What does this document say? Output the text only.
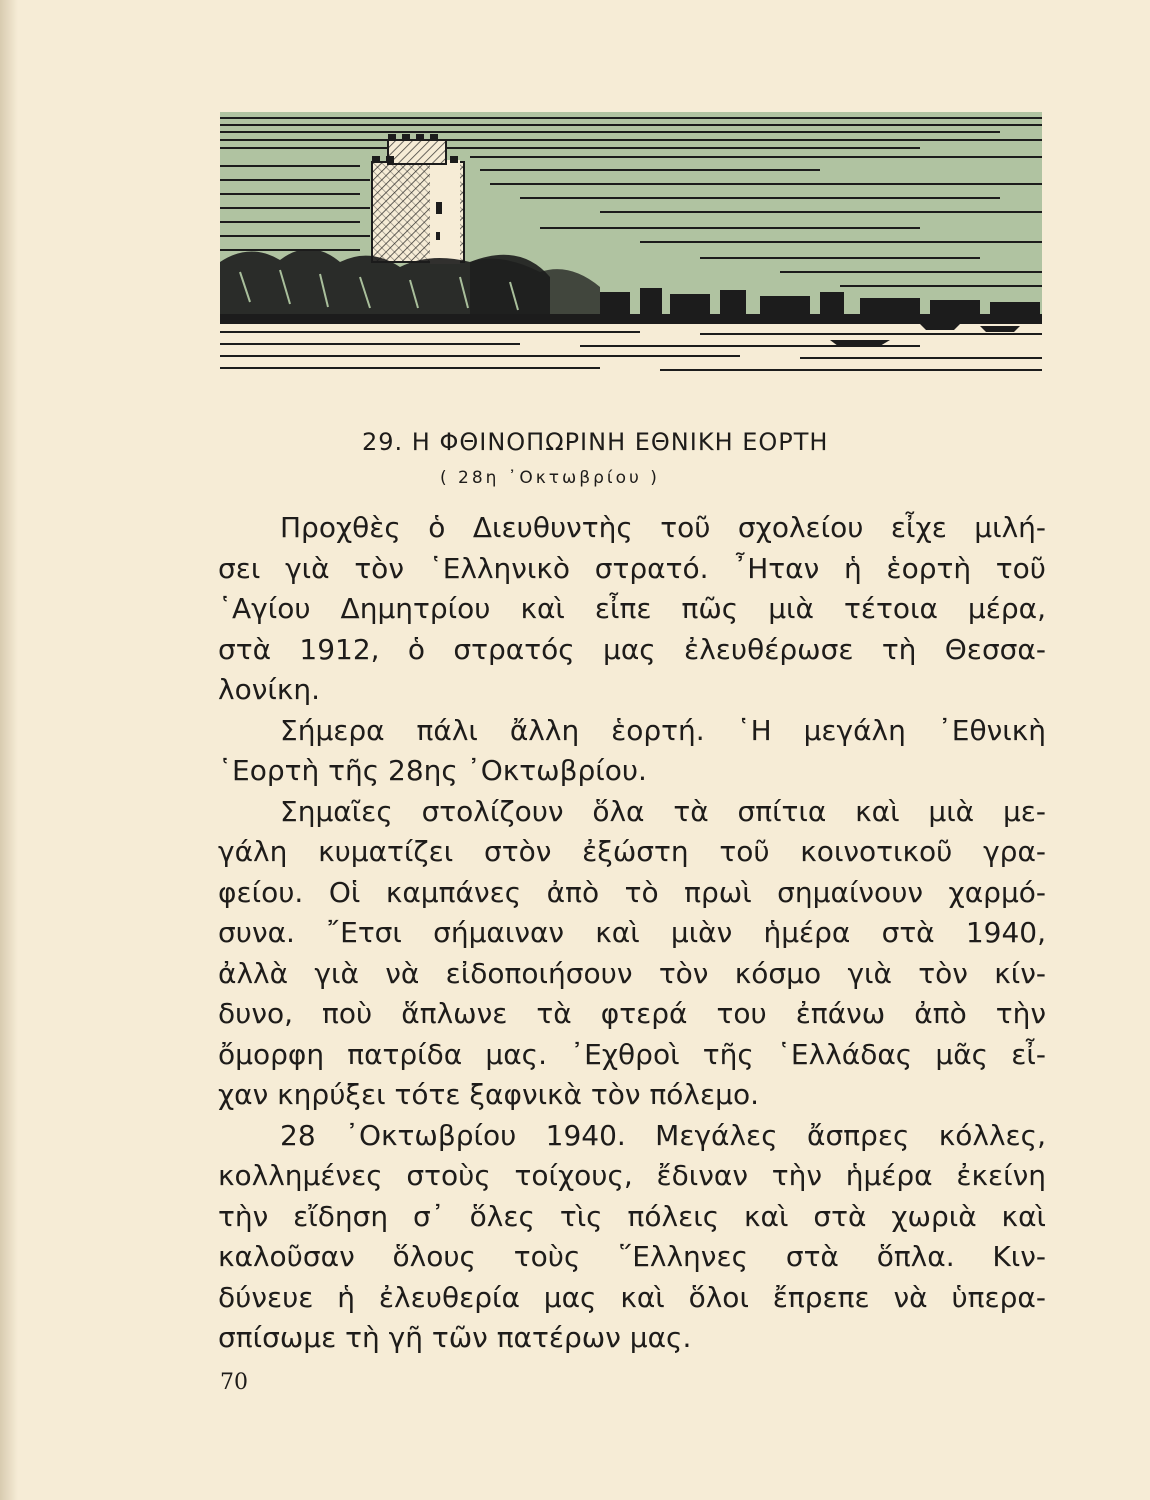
29. Η ΦΘΙΝΟΠΩΡΙΝΗ ΕΘΝΙΚΗ ΕΟΡΤΗ
( 28η ᾿Οκτωβρίου )
Προχθὲς ὁ Διευθυντὴς τοῦ σχολείου εἶχε μιλή-
σει γιὰ τὸν ῾Ελληνικὸ στρατό. ῏Ηταν ἡ ἑορτὴ τοῦ
῾Αγίου Δημητρίου καὶ εἶπε πῶς μιὰ τέτοια μέρα,
στὰ 1912, ὁ στρατός μας ἐλευθέρωσε τὴ Θεσσα-
λονίκη.
Σήμερα πάλι ἄλλη ἑορτή. ῾Η μεγάλη ᾿Εθνικὴ
῾Εορτὴ τῆς 28ης ᾿Οκτωβρίου.
Σημαῖες στολίζουν ὅλα τὰ σπίτια καὶ μιὰ με-
γάλη κυματίζει στὸν ἐξώστη τοῦ κοινοτικοῦ γρα-
φείου. Οἱ καμπάνες ἀπὸ τὸ πρωὶ σημαίνουν χαρμό-
συνα. ῎Ετσι σήμαιναν καὶ μιὰν ἡμέρα στὰ 1940,
ἀλλὰ γιὰ νὰ εἰδοποιήσουν τὸν κόσμο γιὰ τὸν κίν-
δυνο, ποὺ ἅπλωνε τὰ φτερά του ἐπάνω ἀπὸ τὴν
ὄμορφη πατρίδα μας. ᾿Εχθροὶ τῆς ῾Ελλάδας μᾶς εἶ-
χαν κηρύξει τότε ξαφνικὰ τὸν πόλεμο.
28 ᾿Οκτωβρίου 1940. Μεγάλες ἄσπρες κόλλες,
κολλημένες στοὺς τοίχους, ἔδιναν τὴν ἡμέρα ἐκείνη
τὴν εἴδηση σ᾿ ὅλες τὶς πόλεις καὶ στὰ χωριὰ καὶ
καλοῦσαν ὅλους τοὺς ῞Ελληνες στὰ ὅπλα. Κιν-
δύνευε ἡ ἐλευθερία μας καὶ ὅλοι ἔπρεπε νὰ ὑπερα-
σπίσωμε τὴ γῆ τῶν πατέρων μας.
70
